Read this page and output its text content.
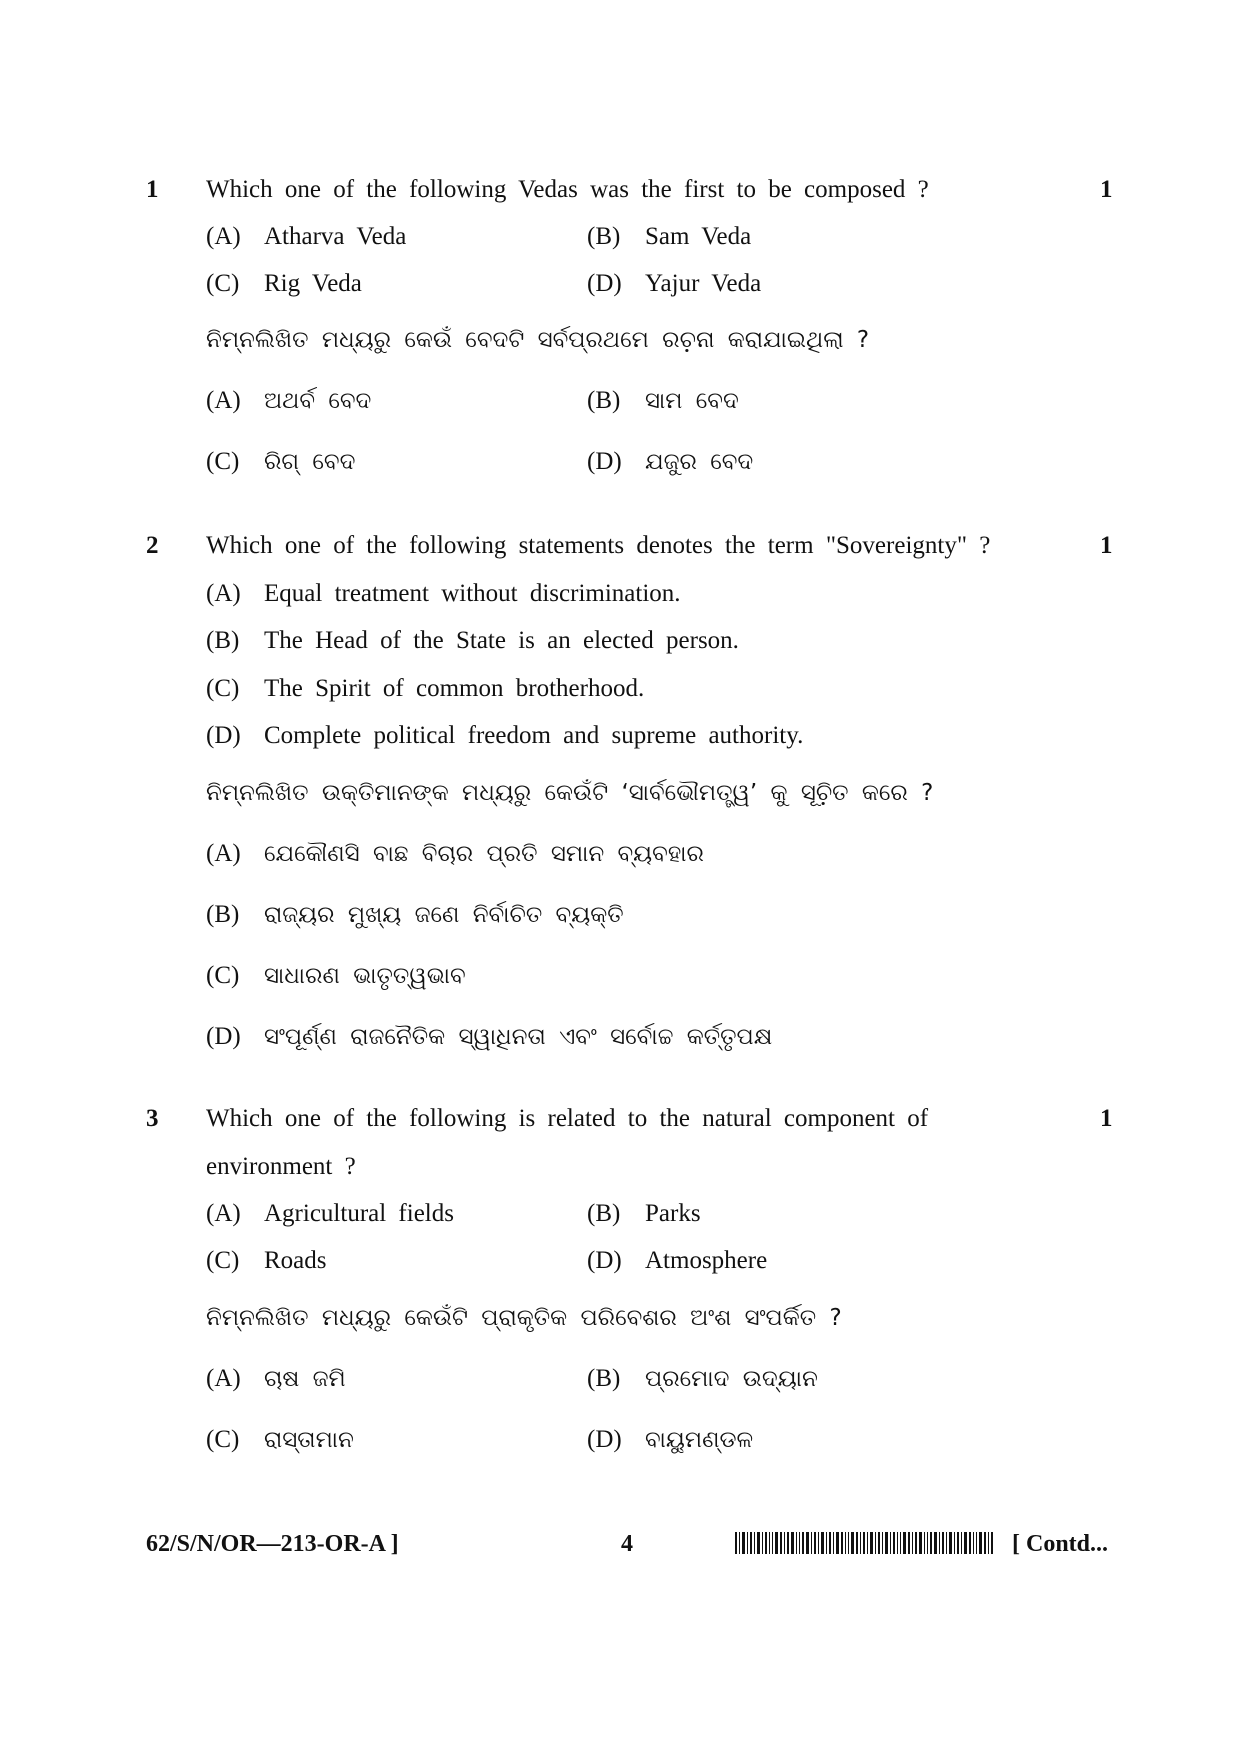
1 Which one of the following Vedas was the first to be composed ?	1
(A) Atharva Veda	(B) Sam Veda
(C) Rig Veda	(D) Yajur Veda
ନିମ୍ନଲିଖିତ ମଧ୍ୟରୁ କେଉଁ ବେଦଟି ସର୍ବପ୍ରଥମେ ରଚ଼ନା କରାଯାଇଥିଲା ?
(A) ଅଥର୍ବ ବେଦ	(B) ସାମ ବେଦ
(C) ରିଗ୍ ବେଦ	(D) ଯଜୁର ବେଦ
2 Which one of the following statements denotes the term "Sovereignty" ?	1
(A) Equal treatment without discrimination.
(B) The Head of the State is an elected person.
(C) The Spirit of common brotherhood.
(D) Complete political freedom and supreme authority.
ନିମ୍ନଲିଖିତ ଉକ୍ତିମାନଙ୍କ ମଧ୍ୟରୁ କେଉଁଟି ‘ସାର୍ବଭୌମତ୍ତ୍ୱ’ କୁ ସୂଚ଼ିତ କରେ ?
(A) ଯେକୌଣସି ବାଛ ବିଚାର ପ୍ରତି ସମାନ ବ୍ୟବହାର
(B) ରାଜ୍ୟର ମୁଖ୍ୟ ଜଣେ ନିର୍ବାଚିତ ବ୍ୟକ୍ତି
(C) ସାଧାରଣ ଭାତୃତ୍ୱଭାବ
(D) ସଂପୂର୍ଣ୍ଣ ରାଜନୈତିକ ସ୍ୱାଧିନତା ଏବଂ ସର୍ବୋଚ୍ଚ କର୍ତ୍ତୃପକ୍ଷ
3 Which one of the following is related to the natural component of	1
environment ?
(A) Agricultural fields	(B) Parks
(C) Roads	(D) Atmosphere
ନିମ୍ନଲିଖିତ ମଧ୍ୟରୁ କେଉଁଟି ପ୍ରାକୃତିକ ପରିବେଶର ଅଂଶ ସଂପର୍କିତ ?
(A) ଚାଷ ଜମି	(B) ପ୍ରମୋଦ ଉଦ୍ୟାନ
(C) ରାସ୍ତାମାନ	(D) ବାୟୁମଣ୍ଡଳ
62/S/N/OR—213-OR-A ]	4	[ Contd...
